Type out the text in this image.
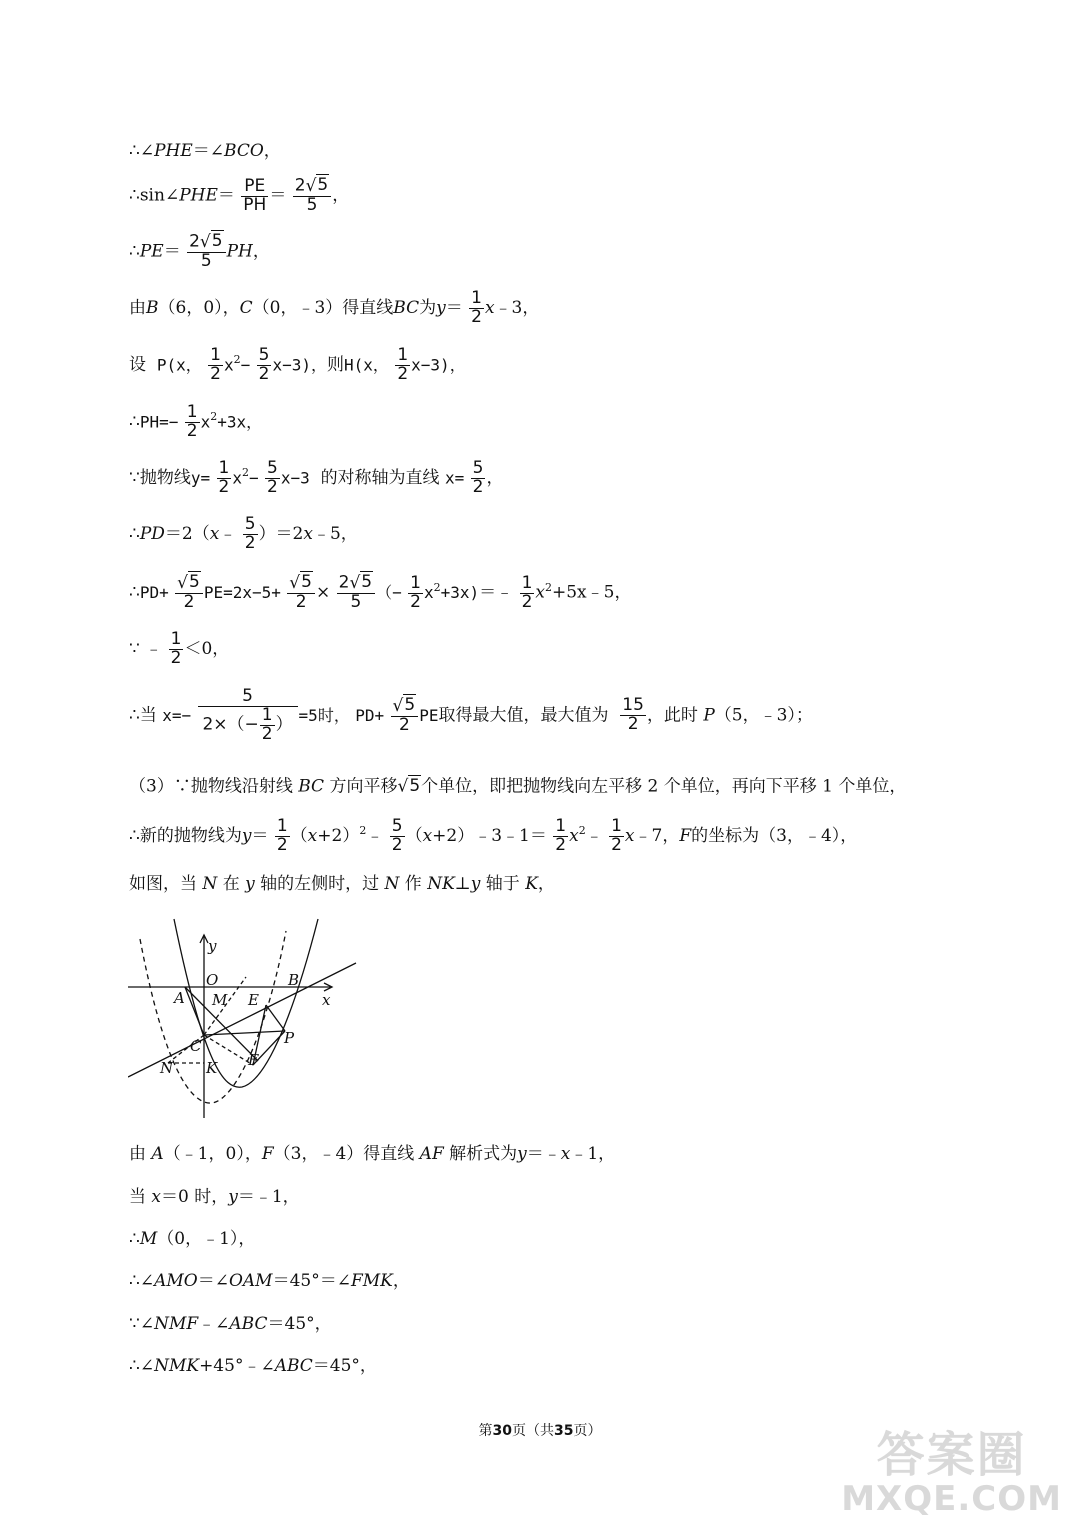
∴∠PHE＝∠BCO，
∴sin∠PHE＝ $\frac{PE}{PH} = \frac{2√5}{5}$ ，
∴PE＝ $\frac{2√5}{5}$ PH，
由B（6，0），C（0，﹣3）得直线BC为$y= \frac{1}{2}$ x﹣3，
设 P(x， $\frac{1}{2} x^2- \frac{5}{2} x-3$)，则H(x， $\frac{1}{2} x-3$)，
∴PH=− $\frac{1}{2} x^2+3x$，
∵抛物线$y= \frac{1}{2} x^2- \frac{5}{2} x-3$ 的对称轴为直线 $x= \frac{5}{2}$ ，
∴PD＝2（x﹣ $\frac{5}{2}$ ）＝2x﹣5，
∴PD+ $\frac{√5}{2} PE=2x-5+ \frac{√5}{2} \times \frac{2√5}{5}$ （− $\frac{1}{2}$ $x^2+3x)=﹣ \frac{1}{2}$ $x^2+5x﹣5$，
∵ ﹣ $\frac{1}{2} <0$，
∴当 $x=- \frac{5}{2\times(- \frac{1}{2} )} =5$时， $PD+ \frac{√5}{2}$ PE取得最大值，最大值为 $\frac{15}{2}$ ，此时 P（5，﹣3）；
（3）∵抛物线沿射线 BC 方向平移√5个单位，即把抛物线向左平移 2 个单位，再向下平移 1 个单位，
∴新的抛物线为$y= \frac{1}{2}$ $(x+2)^2﹣ \frac{5}{2}$ （x+2）﹣3﹣1＝ $\frac{1}{2}$ $x^2﹣ \frac{1}{2}$ x﹣7，F的坐标为（3，﹣4），
如图，当 N 在 y 轴的左侧时，过 N 作 NK⊥y 轴于 K，
y
x
O	B
A M E
C	P
N K F
由 A（﹣1，0），F（3，﹣4）得直线 AF 解析式为y＝﹣x﹣1，
当 x＝0 时，y＝﹣1，
∴M（0，﹣1），
∴∠AMO＝∠OAM＝45°＝∠FMK，
∵∠NMF﹣∠ABC＝45°，
∴∠NMK+45°﹣∠ABC＝45°，
第30页（共35页）	答案圈
MXQE.COM
